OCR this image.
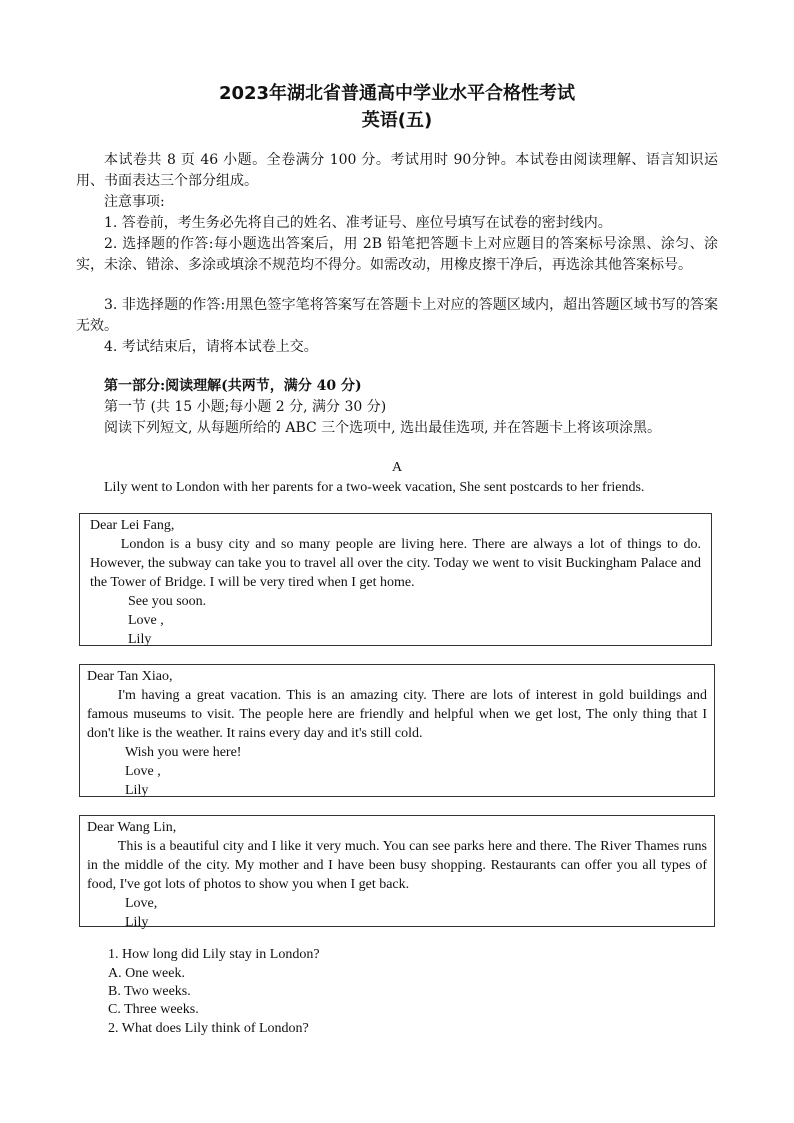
2023年湖北省普通高中学业水平合格性考试
英语(五)
本试卷共 8 页 46 小题。全卷满分 100 分。考试用时 90分钟。本试卷由阅读理解、语言知识运用、书面表达三个部分组成。
注意事项:
1. 答卷前，考生务必先将自己的姓名、准考证号、座位号填写在试卷的密封线内。
2. 选择题的作答:每小题选出答案后，用 2B 铅笔把答题卡上对应题目的答案标号涂黑、涂匀、涂实，未涂、错涂、多涂或填涂不规范均不得分。如需改动，用橡皮擦干净后，再选涂其他答案标号。
3. 非选择题的作答:用黑色签字笔将答案写在答题卡上对应的答题区域内，超出答题区域书写的答案无效。
4. 考试结束后，请将本试卷上交。
第一部分:阅读理解(共两节，满分 40 分)
第一节 (共 15 小题;每小题 2 分, 满分 30 分)
阅读下列短文, 从每题所给的 ABC 三个选项中, 选出最佳选项, 并在答题卡上将该项涂黑。
A
Lily went to London with her parents for a two-week vacation, She sent postcards to her friends.
Dear Lei Fang,
London is a busy city and so many people are living here. There are always a lot of things to do. However, the subway can take you to travel all over the city. Today we went to visit Buckingham Palace and the Tower of Bridge. I will be very tired when I get home.
See you soon.
Love ,
Lily
Dear Tan Xiao,
I'm having a great vacation. This is an amazing city. There are lots of interest in gold buildings and famous museums to visit. The people here are friendly and helpful when we get lost, The only thing that I don't like is the weather. It rains every day and it's still cold.
Wish you were here!
Love ,
Lily
Dear Wang Lin,
This is a beautiful city and I like it very much. You can see parks here and there. The River Thames runs in the middle of the city. My mother and I have been busy shopping. Restaurants can offer you all types of food, I've got lots of photos to show you when I get back.
Love,
Lily
1. How long did Lily stay in London?
A. One week.
B. Two weeks.
C. Three weeks.
2. What does Lily think of London?
